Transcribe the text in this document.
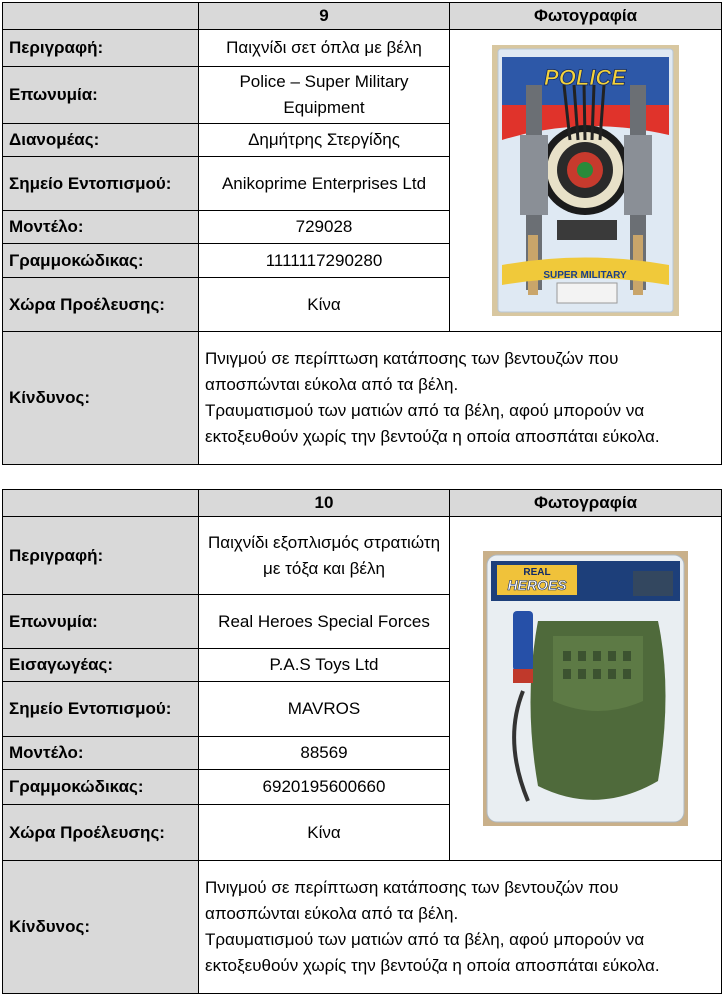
	9	Φωτογραφία
Περιγραφή:	Παιχνίδι σετ όπλα με βέλη	POLICE
SUPER MILITARY

Επωνυμία:	Police – Super Military Equipment	
Διανομέας:	Δημήτρης Στεργίδης	
Σημείο Εντοπισμού:	Anikoprime Enterprises Ltd	
Μοντέλο:	729028	
Γραμμοκώδικας:	1111117290280	
Χώρα Προέλευσης:	Κίνα	
Κίνδυνος:	Πνιγμού σε περίπτωση κατάποσης των βεντουζών που αποσπώνται εύκολα από τα βέλη.
Τραυματισμού των ματιών από τα βέλη, αφού μπορούν να εκτοξευθούν χωρίς την βεντούζα η οποία αποσπάται εύκολα.	
	10	Φωτογραφία
Περιγραφή:	Παιχνίδι εξοπλισμός στρατιώτη με τόξα και βέλη	REAL
HEROES

Επωνυμία:	Real Heroes Special Forces	
Εισαγωγέας:	P.A.S Toys Ltd	
Σημείο Εντοπισμού:	MAVROS	
Μοντέλο:	88569	
Γραμμοκώδικας:	6920195600660	
Χώρα Προέλευσης:	Κίνα	
Κίνδυνος:	Πνιγμού σε περίπτωση κατάποσης των βεντουζών που αποσπώνται εύκολα από τα βέλη.
Τραυματισμού των ματιών από τα βέλη, αφού μπορούν να εκτοξευθούν χωρίς την βεντούζα η οποία αποσπάται εύκολα.	
